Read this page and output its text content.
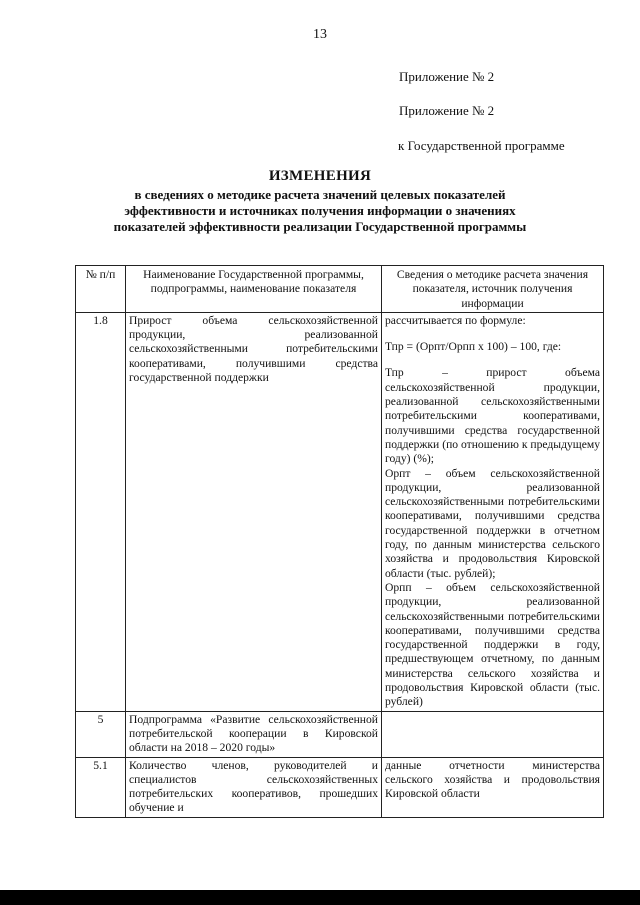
13
Приложение № 2
Приложение № 2
к Государственной программе
ИЗМЕНЕНИЯ
в сведениях о методике расчета значений целевых показателей эффективности и источниках получения информации о значениях показателей эффективности реализации Государственной программы
№ п/п	Наименование Государственной программы, подпрограммы, наименование показателя	Сведения о методике расчета значения показателя, источник получения информации
1.8	Прирост объема сельскохозяйственной продукции, реализованной сельскохозяйственными потребительскими кооперативами, получившими средства государственной поддержки	рассчитывается по формуле:
Тпр = (Орпт/Орпп х 100) – 100, где:
Тпр – прирост объема сельскохозяйственной продукции, реализованной сельскохозяйственными потребительскими кооперативами, получившими средства государственной поддержки (по отношению к предыдущему году) (%);
Орпт – объем сельскохозяйственной продукции, реализованной сельскохозяйственными потребительскими кооперативами, получившими средства государственной поддержки в отчетном году, по данным министерства сельского хозяйства и продовольствия Кировской области (тыс. рублей);
Орпп – объем сельскохозяйственной продукции, реализованной сельскохозяйственными потребительскими кооперативами, получившими средства государственной поддержки в году, предшествующем отчетному, по данным министерства сельского хозяйства и продовольствия Кировской области (тыс. рублей)

5	Подпрограмма «Развитие сельскохозяйственной потребительской кооперации в Кировской области на 2018 – 2020 годы»	
5.1	Количество членов, руководителей и специалистов сельскохозяйственных потребительских кооперативов, прошедших обучение и	данные отчетности министерства сельского хозяйства и продовольствия Кировской области
